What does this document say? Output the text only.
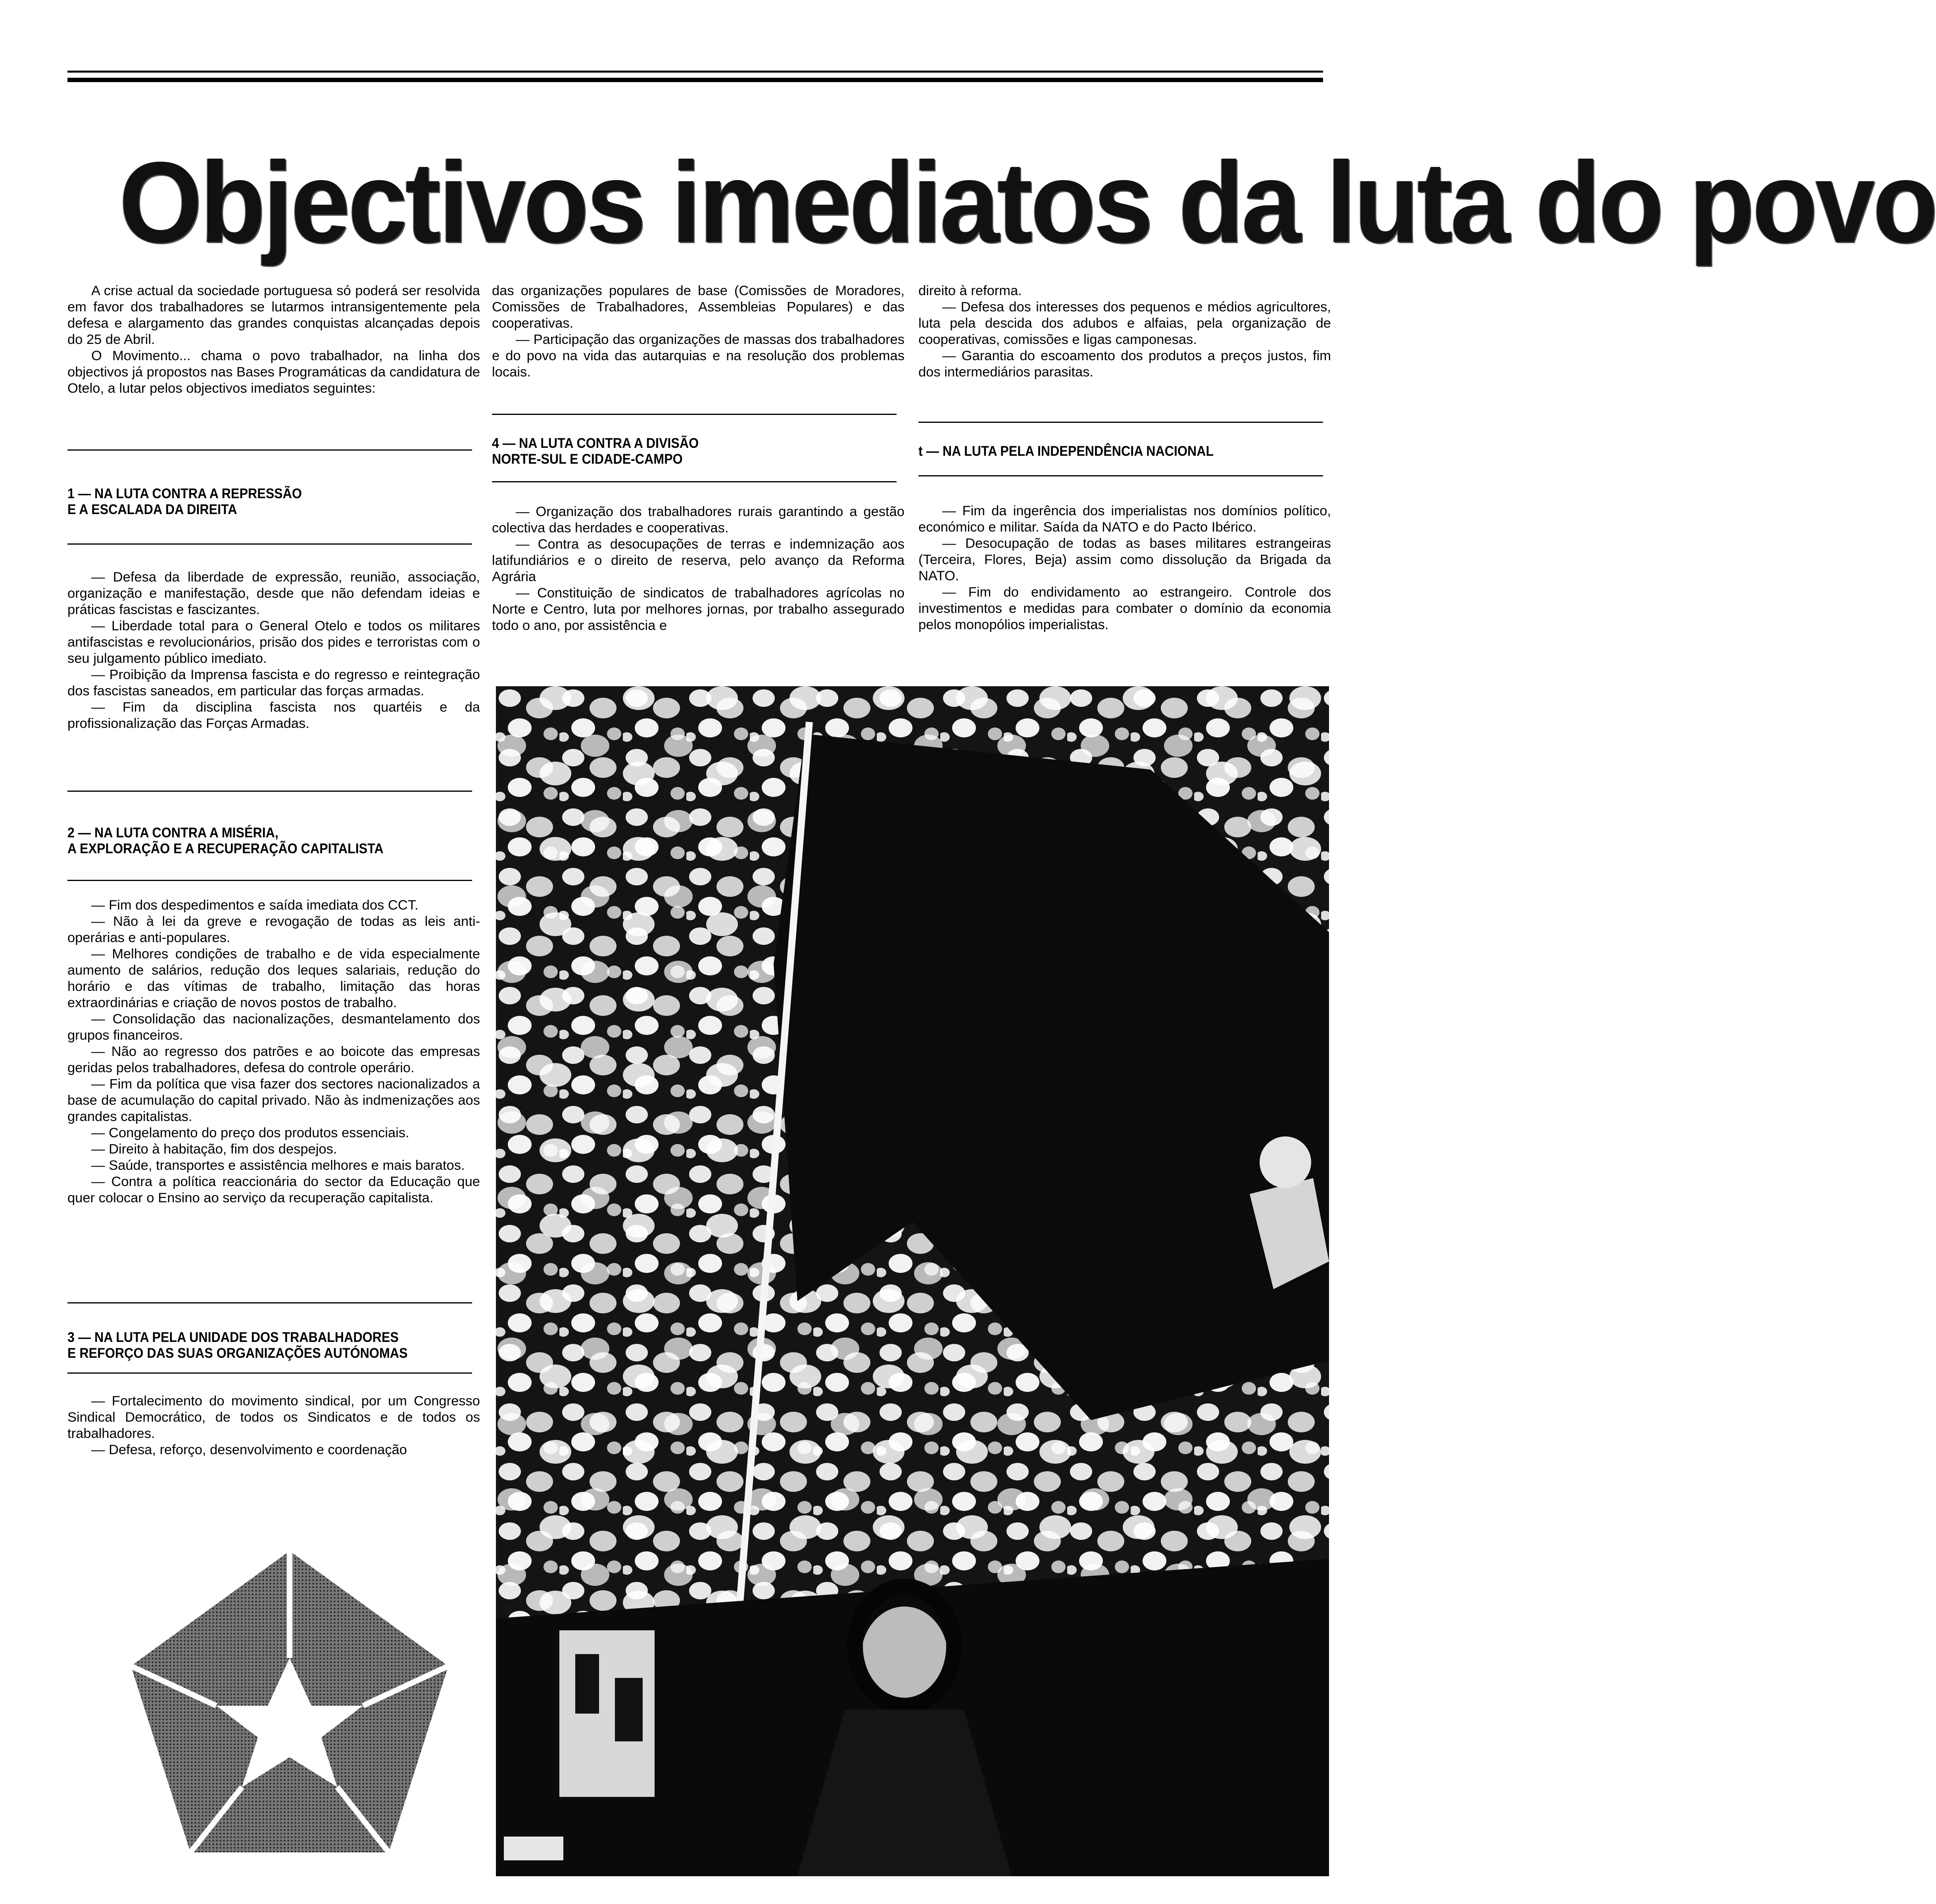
Objectivos imediatos da luta do povo

A crise actual da sociedade portuguesa só poderá ser resolvida em favor dos trabalhadores se lutarmos intransigentemente pela defesa e alargamento das grandes conquistas alcançadas depois do 25 de Abril.

O Movimento... chama o povo trabalhador, na linha dos objectivos já propostos nas Bases Programáticas da candidatura de Otelo, a lutar pelos objectivos imediatos seguintes:

1 — NA LUTA CONTRA A REPRESSÃO
E A ESCALADA DA DIREITA

— Defesa da liberdade de expressão, reunião, associação, organização e manifestação, desde que não defendam ideias e práticas fascistas e fascizantes.

— Liberdade total para o General Otelo e todos os militares antifascistas e revolucionários, prisão dos pides e terroristas com o seu julgamento público imediato.

— Proibição da Imprensa fascista e do regresso e reintegração dos fascistas saneados, em particular das forças armadas.

— Fim da disciplina fascista nos quartéis e da profissionalização das Forças Armadas.

2 — NA LUTA CONTRA A MISÉRIA,
A EXPLORAÇÃO E A RECUPERAÇÃO CAPITALISTA

— Fim dos despedimentos e saída imediata dos CCT.

— Não à lei da greve e revogação de todas as leis anti-operárias e anti-populares.

— Melhores condições de trabalho e de vida especialmente aumento de salários, redução dos leques salariais, redução do horário e das vítimas de trabalho, limitação das horas extraordinárias e criação de novos postos de trabalho.

— Consolidação das nacionalizações, desmantelamento dos grupos financeiros.

— Não ao regresso dos patrões e ao boicote das empresas geridas pelos trabalhadores, defesa do controle operário.

— Fim da política que visa fazer dos sectores nacionalizados a base de acumulação do capital privado. Não às indmenizações aos grandes capitalistas.

— Congelamento do preço dos produtos essenciais.

— Direito à habitação, fim dos despejos.

— Saúde, transportes e assistência melhores e mais baratos.

— Contra a política reaccionária do sector da Educação que quer colocar o Ensino ao serviço da recuperação capitalista.

3 — NA LUTA PELA UNIDADE DOS TRABALHADORES
E REFORÇO DAS SUAS ORGANIZAÇÕES AUTÓNOMAS

— Fortalecimento do movimento sindical, por um Congresso Sindical Democrático, de todos os Sindicatos e de todos os trabalhadores.

— Defesa, reforço, desenvolvimento e coordenação

das organizações populares de base (Comissões de Moradores, Comissões de Trabalhadores, Assembleias Populares) e das cooperativas.

— Participação das organizações de massas dos trabalhadores e do povo na vida das autarquias e na resolução dos problemas locais.

4 — NA LUTA CONTRA A DIVISÃO
NORTE-SUL E CIDADE-CAMPO

— Organização dos trabalhadores rurais garantindo a gestão colectiva das herdades e cooperativas.

— Contra as desocupações de terras e indemnização aos latifundiários e o direito de reserva, pelo avanço da Reforma Agrária

— Constituição de sindicatos de trabalhadores agrícolas no Norte e Centro, luta por melhores jornas, por trabalho assegurado todo o ano, por assistência e

direito à reforma.

— Defesa dos interesses dos pequenos e médios agricultores, luta pela descida dos adubos e alfaias, pela organização de cooperativas, comissões e ligas camponesas.

— Garantia do escoamento dos produtos a preços justos, fim dos intermediários parasitas.

t — NA LUTA PELA INDEPENDÊNCIA NACIONAL

— Fim da ingerência dos imperialistas nos domínios político, económico e militar. Saída da NATO e do Pacto Ibérico.

— Desocupação de todas as bases militares estrangeiras (Terceira, Flores, Beja) assim como dissolução da Brigada da NATO.

— Fim do endividamento ao estrangeiro. Controle dos investimentos e medidas para combater o domínio da economia pelos monopólios imperialistas.
